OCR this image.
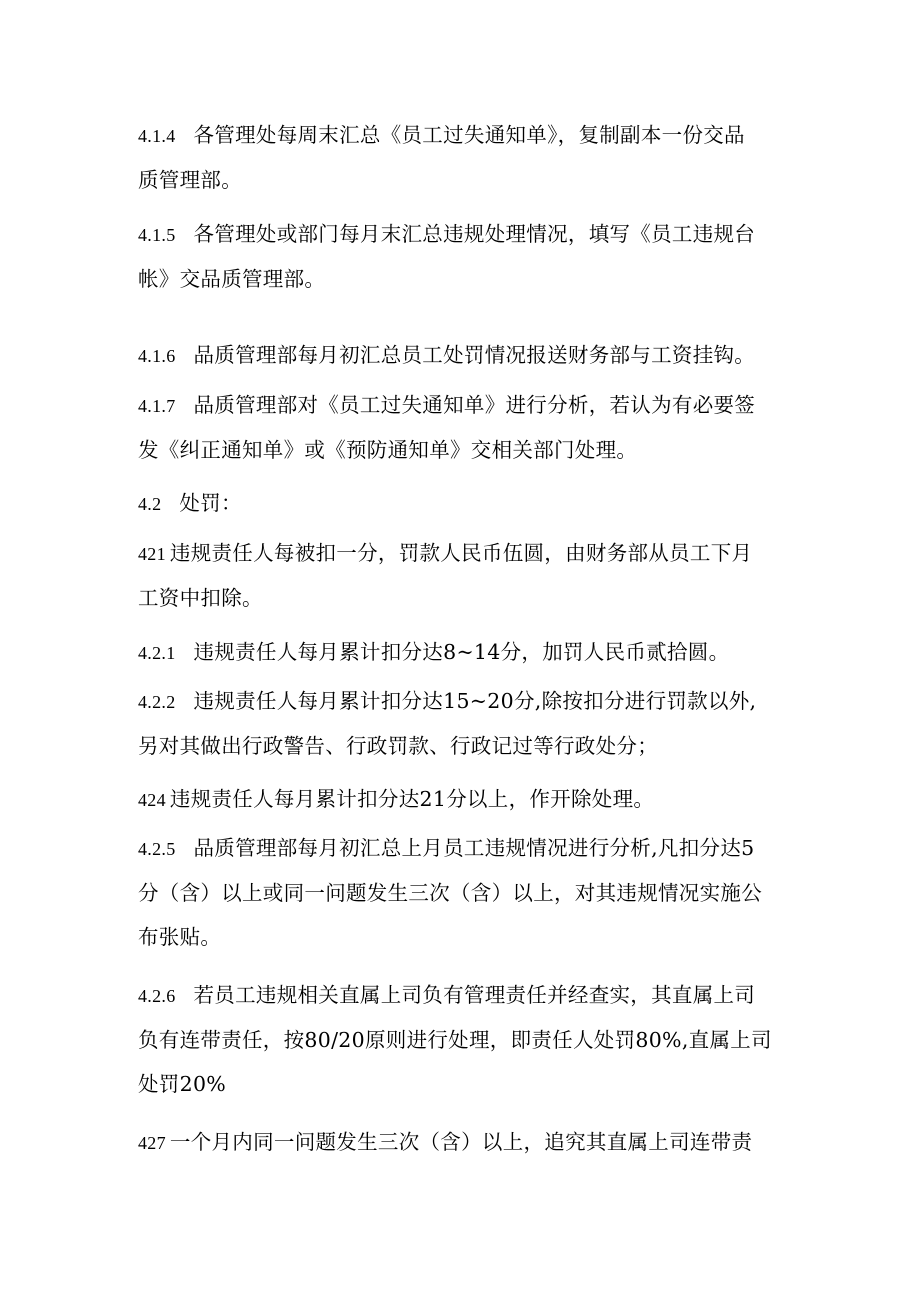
4.1.4 各管理处每周末汇总《员工过失通知单》，复制副本一份交品
质管理部。
4.1.5 各管理处或部门每月末汇总违规处理情况，填写《员工违规台
帐》交品质管理部。
4.1.6 品质管理部每月初汇总员工处罚情况报送财务部与工资挂钩。
4.1.7 品质管理部对《员工过失通知单》进行分析，若认为有必要签
发《纠正通知单》或《预防通知单》交相关部门处理。
4.2 处罚：
421 违规责任人每被扣一分，罚款人民币伍圆，由财务部从员工下月
工资中扣除。
4.2.1 违规责任人每月累计扣分达8~14分，加罚人民币贰拾圆。
4.2.2 违规责任人每月累计扣分达15~20分,除按扣分进行罚款以外,
另对其做出行政警告、行政罚款、行政记过等行政处分；
424 违规责任人每月累计扣分达21分以上，作开除处理。
4.2.5 品质管理部每月初汇总上月员工违规情况进行分析,凡扣分达5
分（含）以上或同一问题发生三次（含）以上，对其违规情况实施公
布张贴。
4.2.6 若员工违规相关直属上司负有管理责任并经查实，其直属上司
负有连带责任，按80/20原则进行处理，即责任人处罚80%,直属上司
处罚20%
427 一个月内同一问题发生三次（含）以上，追究其直属上司连带责
